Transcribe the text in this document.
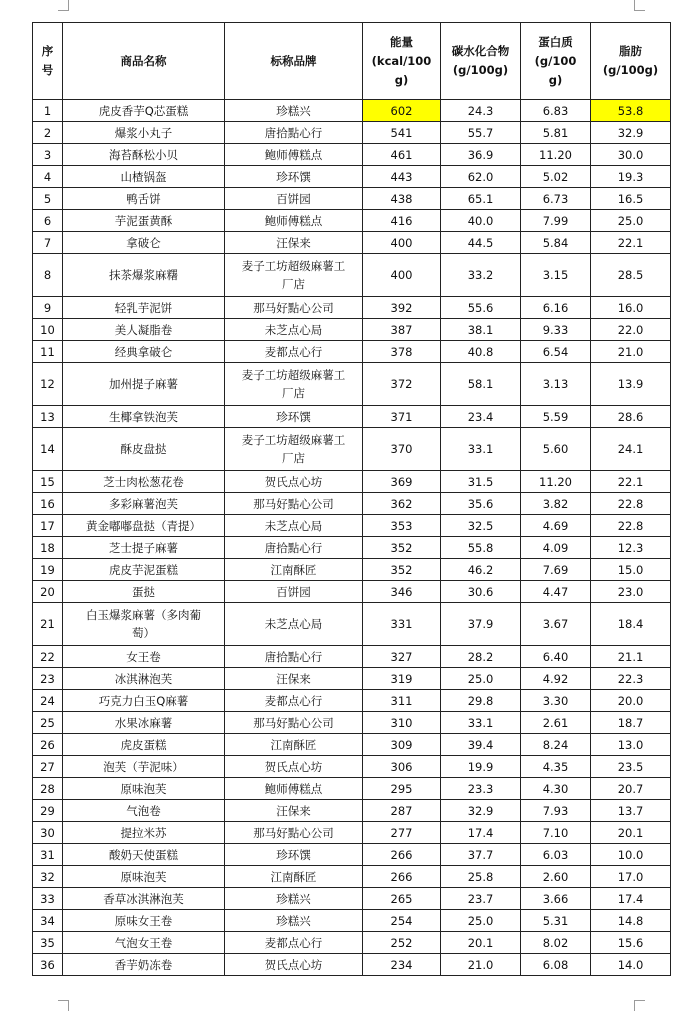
序
号	商品名称	标称品牌	能量
(kcal/100
g)	碳水化合物
(g/100g)	蛋白质
(g/100
g)	脂肪
(g/100g)
1	虎皮香芋Q芯蛋糕	珍糕兴	602	24.3	6.83	53.8
2	爆浆小丸子	唐拾點心行	541	55.7	5.81	32.9
3	海苔酥松小贝	鲍师傅糕点	461	36.9	11.20	30.0
4	山楂锅盔	珍环馔	443	62.0	5.02	19.3
5	鸭舌饼	百饼园	438	65.1	6.73	16.5
6	芋泥蛋黄酥	鲍师傅糕点	416	40.0	7.99	25.0
7	拿破仑	汪保来	400	44.5	5.84	22.1
8	抹茶爆浆麻糬	麦子工坊超级麻薯工
厂店	400	33.2	3.15	28.5
9	轻乳芋泥饼	那马好點心公司	392	55.6	6.16	16.0
10	美人凝脂卷	未芝点心局	387	38.1	9.33	22.0
11	经典拿破仑	麦都点心行	378	40.8	6.54	21.0
12	加州提子麻薯	麦子工坊超级麻薯工
厂店	372	58.1	3.13	13.9
13	生椰拿铁泡芙	珍环馔	371	23.4	5.59	28.6
14	酥皮盘挞	麦子工坊超级麻薯工
厂店	370	33.1	5.60	24.1
15	芝士肉松葱花卷	贺氏点心坊	369	31.5	11.20	22.1
16	多彩麻薯泡芙	那马好點心公司	362	35.6	3.82	22.8
17	黄金嘟嘟盘挞（青提）	未芝点心局	353	32.5	4.69	22.8
18	芝士提子麻薯	唐拾點心行	352	55.8	4.09	12.3
19	虎皮芋泥蛋糕	江南酥匠	352	46.2	7.69	15.0
20	蛋挞	百饼园	346	30.6	4.47	23.0
21	白玉爆浆麻薯（多肉葡
萄）	未芝点心局	331	37.9	3.67	18.4
22	女王卷	唐拾點心行	327	28.2	6.40	21.1
23	冰淇淋泡芙	汪保来	319	25.0	4.92	22.3
24	巧克力白玉Q麻薯	麦都点心行	311	29.8	3.30	20.0
25	水果冰麻薯	那马好點心公司	310	33.1	2.61	18.7
26	虎皮蛋糕	江南酥匠	309	39.4	8.24	13.0
27	泡芙（芋泥味）	贺氏点心坊	306	19.9	4.35	23.5
28	原味泡芙	鲍师傅糕点	295	23.3	4.30	20.7
29	气泡卷	汪保来	287	32.9	7.93	13.7
30	提拉米苏	那马好點心公司	277	17.4	7.10	20.1
31	酸奶天使蛋糕	珍环馔	266	37.7	6.03	10.0
32	原味泡芙	江南酥匠	266	25.8	2.60	17.0
33	香草冰淇淋泡芙	珍糕兴	265	23.7	3.66	17.4
34	原味女王卷	珍糕兴	254	25.0	5.31	14.8
35	气泡女王卷	麦都点心行	252	20.1	8.02	15.6
36	香芋奶冻卷	贺氏点心坊	234	21.0	6.08	14.0
